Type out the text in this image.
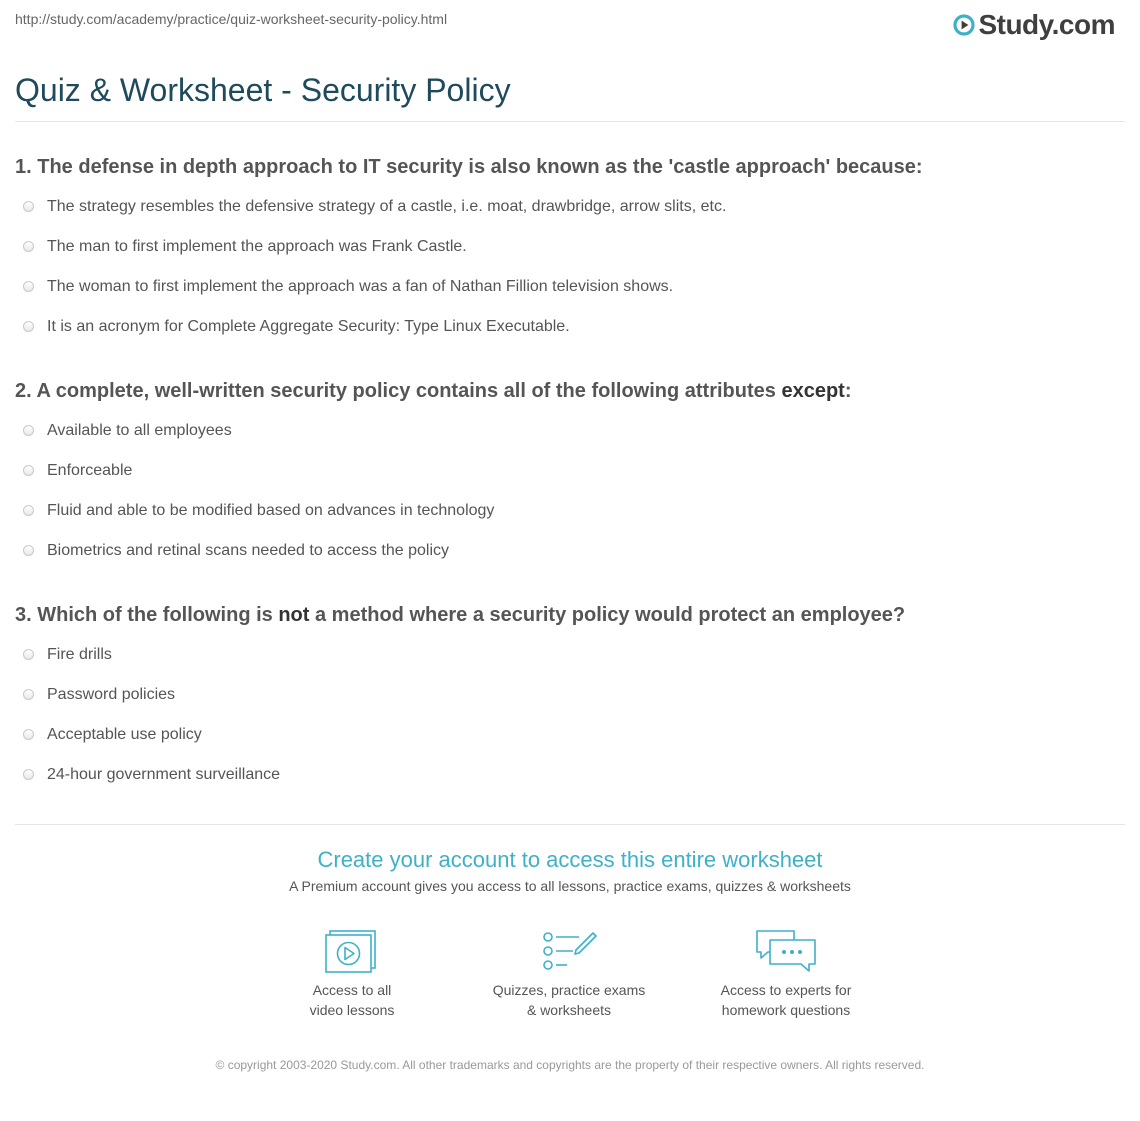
http://study.com/academy/practice/quiz-worksheet-security-policy.html	Study.com
Quiz & Worksheet - Security Policy
1. The defense in depth approach to IT security is also known as the 'castle approach' because:
The strategy resembles the defensive strategy of a castle, i.e. moat, drawbridge, arrow slits, etc.
The man to first implement the approach was Frank Castle.
The woman to first implement the approach was a fan of Nathan Fillion television shows.
It is an acronym for Complete Aggregate Security: Type Linux Executable.
2. A complete, well-written security policy contains all of the following attributes except:
Available to all employees
Enforceable
Fluid and able to be modified based on advances in technology
Biometrics and retinal scans needed to access the policy
3. Which of the following is not a method where a security policy would protect an employee?
Fire drills
Password policies
Acceptable use policy
24-hour government surveillance
Create your account to access this entire worksheet
A Premium account gives you access to all lessons, practice exams, quizzes & worksheets
Access to all
video lessons
Quizzes, practice exams
& worksheets
Access to experts for
homework questions
© copyright 2003-2020 Study.com. All other trademarks and copyrights are the property of their respective owners. All rights reserved.
